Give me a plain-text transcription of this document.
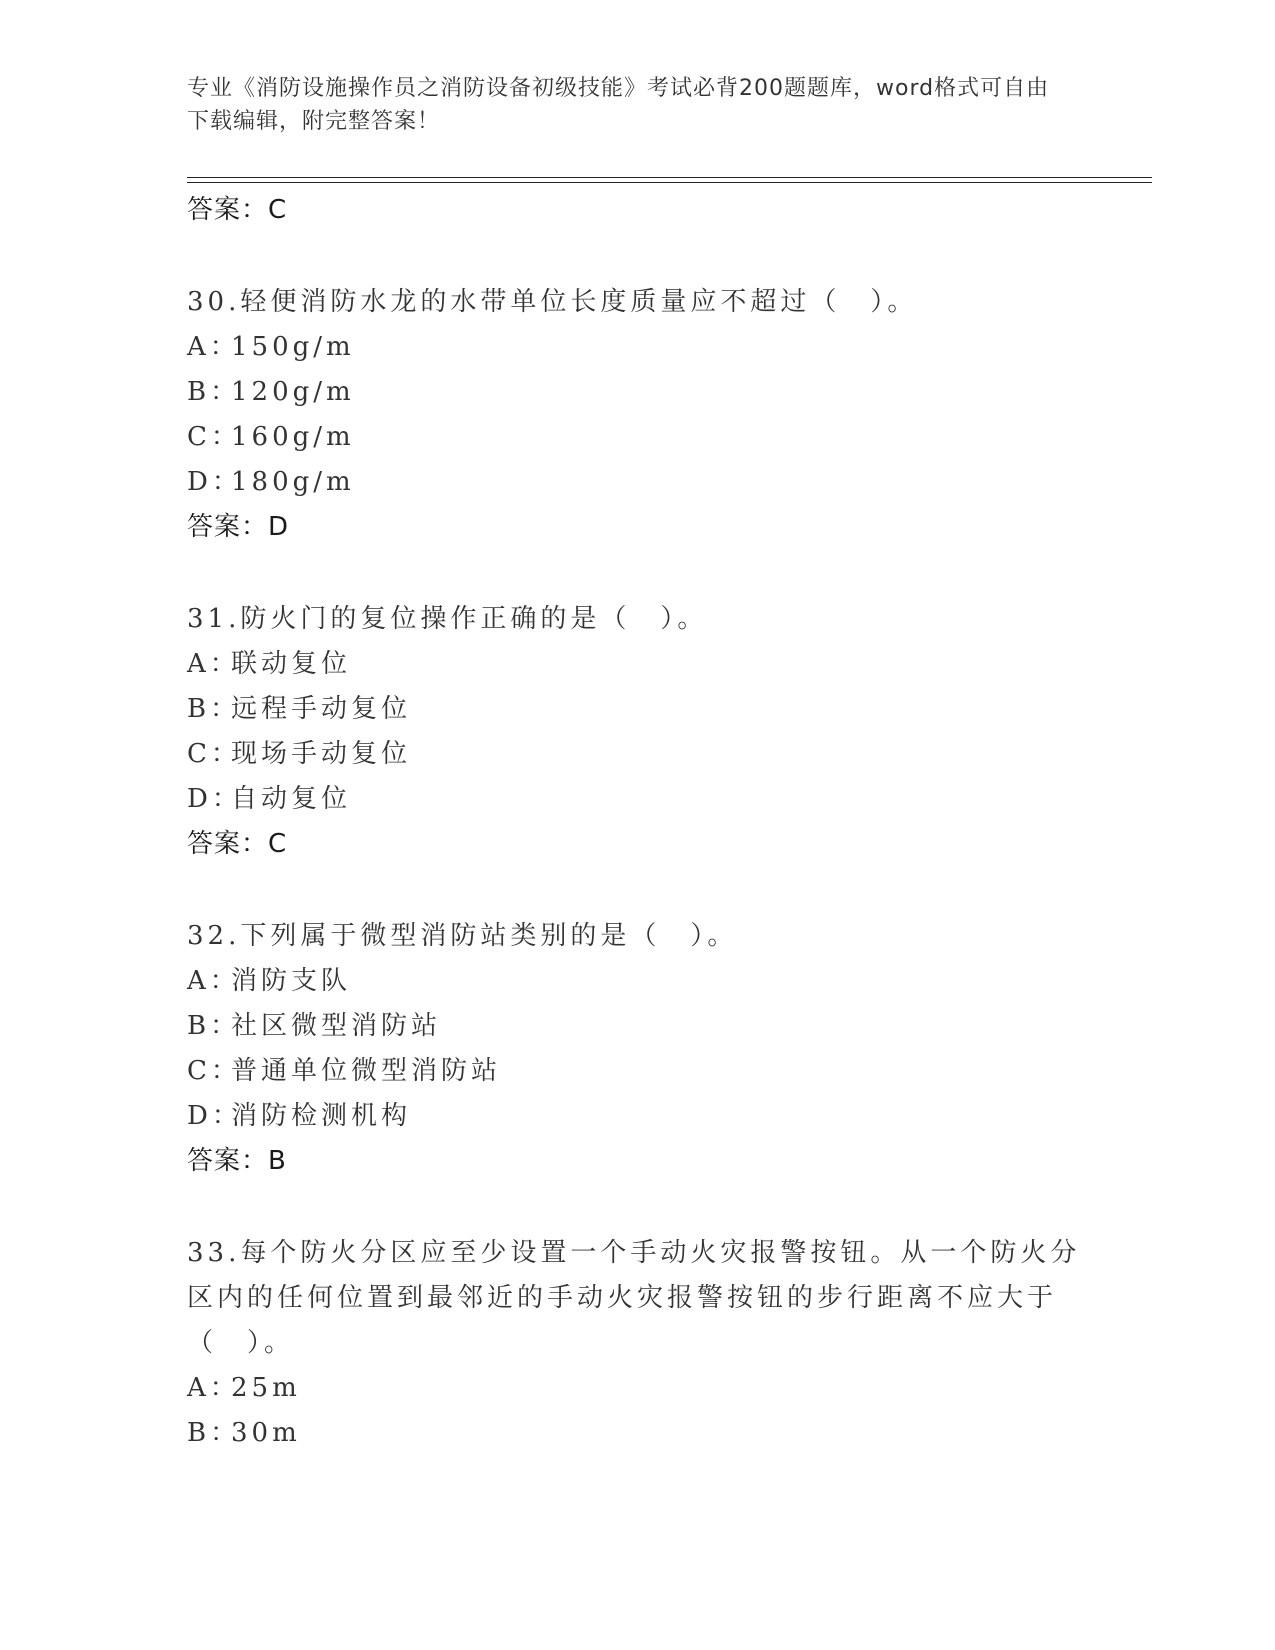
专业《消防设施操作员之消防设备初级技能》考试必背200题题库，word格式可自由下载编辑，附完整答案！
答案：C
30.轻便消防水龙的水带单位长度质量应不超过（　）。
A：150g/m
B：120g/m
C：160g/m
D：180g/m
答案：D
31.防火门的复位操作正确的是（　）。
A：联动复位
B：远程手动复位
C：现场手动复位
D：自动复位
答案：C
32.下列属于微型消防站类别的是（　）。
A：消防支队
B：社区微型消防站
C：普通单位微型消防站
D：消防检测机构
答案：B
33.每个防火分区应至少设置一个手动火灾报警按钮。从一个防火分区内的任何位置到最邻近的手动火灾报警按钮的步行距离不应大于（　）。
A：25m
B：30m
